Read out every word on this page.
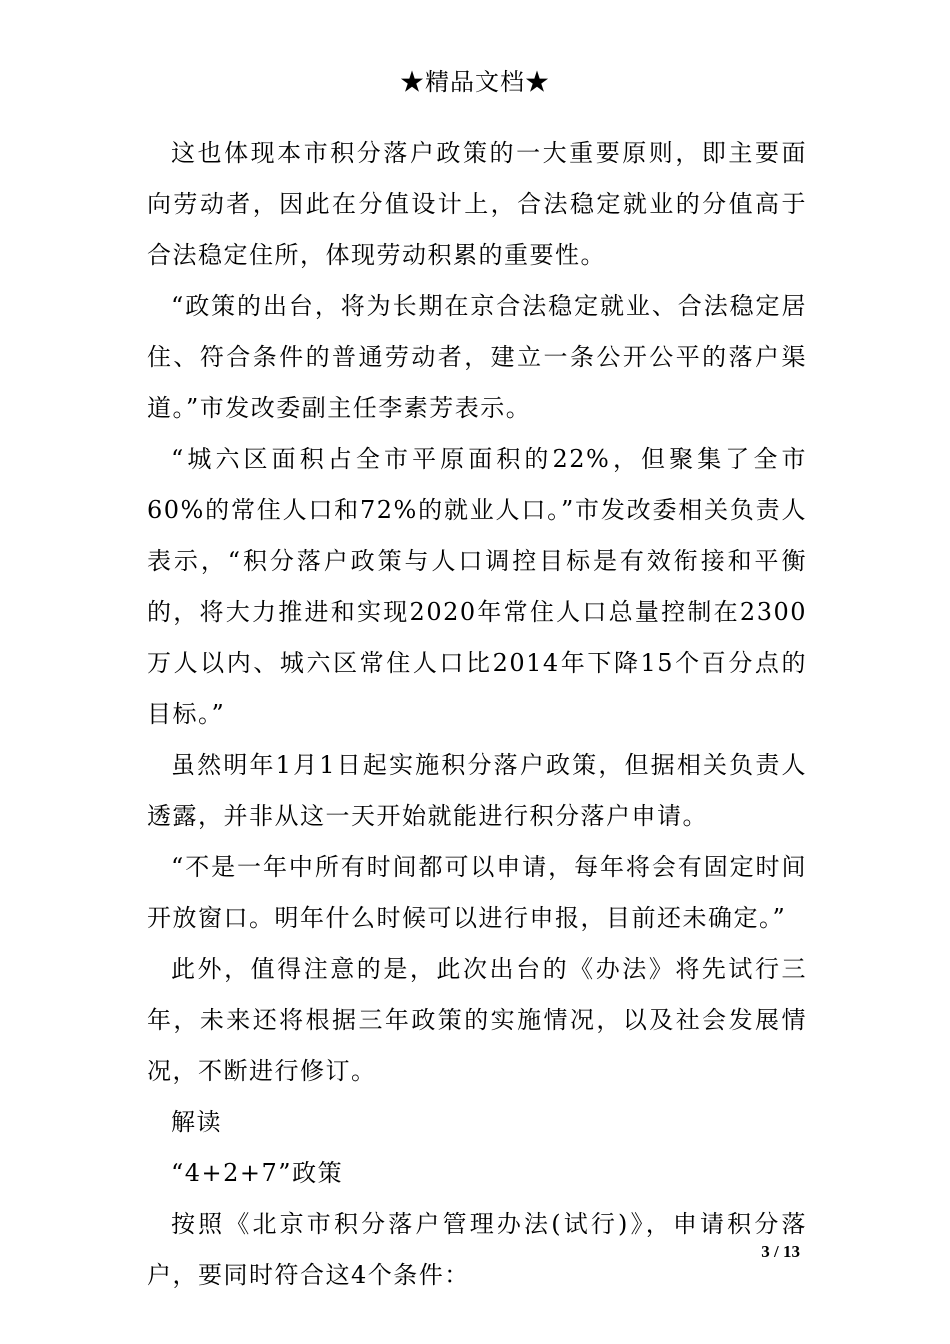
★精品文档★

这也体现本市积分落户政策的一大重要原则，即主要面向劳动者，因此在分值设计上，合法稳定就业的分值高于合法稳定住所，体现劳动积累的重要性。

“政策的出台，将为长期在京合法稳定就业、合法稳定居住、符合条件的普通劳动者，建立一条公开公平的落户渠道。”市发改委副主任李素芳表示。

“城六区面积占全市平原面积的22%，但聚集了全市60%的常住人口和72%的就业人口。”市发改委相关负责人表示，“积分落户政策与人口调控目标是有效衔接和平衡的，将大力推进和实现2020年常住人口总量控制在2300万人以内、城六区常住人口比2014年下降15个百分点的目标。”

虽然明年1月1日起实施积分落户政策，但据相关负责人透露，并非从这一天开始就能进行积分落户申请。

“不是一年中所有时间都可以申请，每年将会有固定时间开放窗口。明年什么时候可以进行申报，目前还未确定。”

此外，值得注意的是，此次出台的《办法》将先试行三年，未来还将根据三年政策的实施情况，以及社会发展情况，不断进行修订。

解读

“4+2+7”政策

按照《北京市积分落户管理办法(试行)》，申请积分落户，要同时符合这4个条件：

3 / 13
